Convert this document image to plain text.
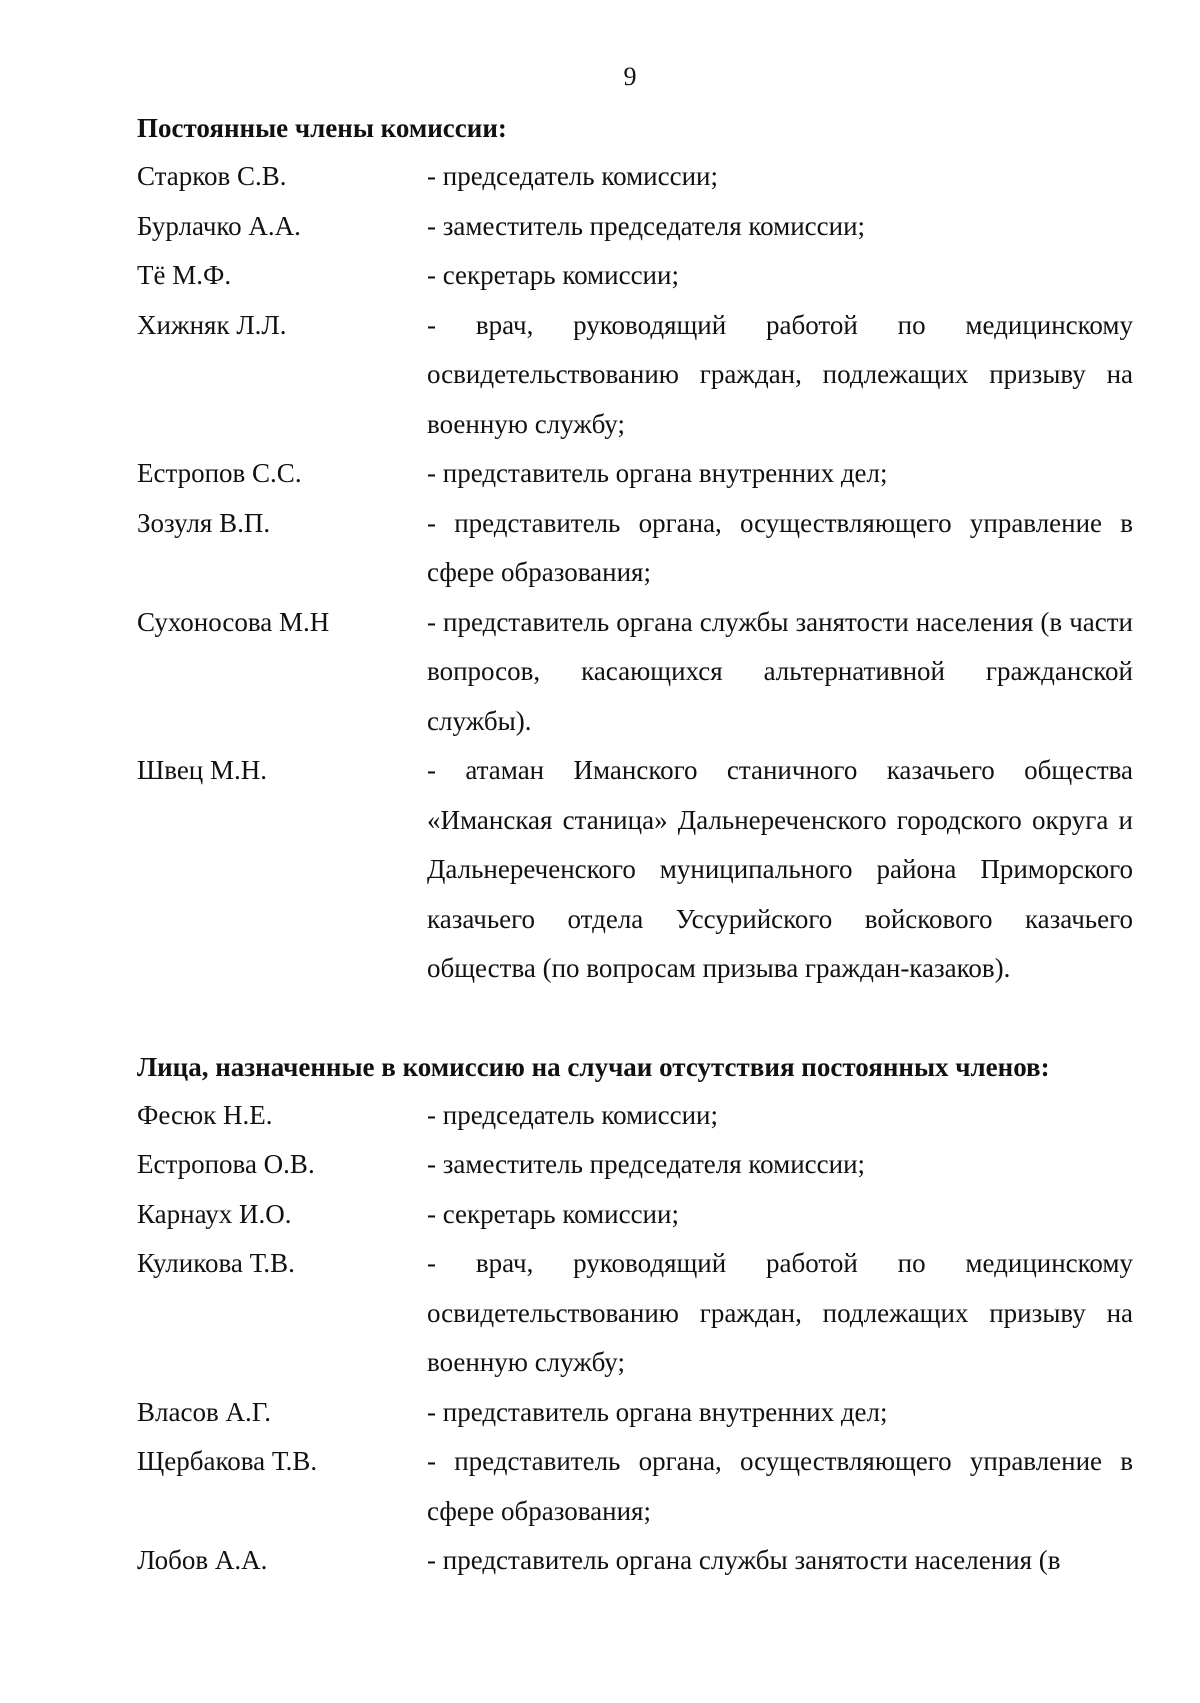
9
Постоянные члены комиссии:
Старков С.В.	- председатель комиссии;
Бурлачко А.А.	- заместитель председателя комиссии;
Тё М.Ф.	- секретарь комиссии;
Хижняк Л.Л.	- врач, руководящий работой по медицинскому освидетельствованию граждан, подлежащих призыву на военную службу;
Естропов С.С.	- представитель органа внутренних дел;
Зозуля В.П.	- представитель органа, осуществляющего управление в сфере образования;
Сухоносова М.Н	- представитель органа службы занятости населения (в части вопросов, касающихся альтернативной гражданской службы).
Швец М.Н.	- атаман Иманского станичного казачьего общества «Иманская станица» Дальнереченского городского округа и Дальнереченского муниципального района Приморского казачьего отдела Уссурийского войскового казачьего общества (по вопросам призыва граждан-казаков).
Лица, назначенные в комиссию на случаи отсутствия постоянных членов:
Фесюк Н.Е.	- председатель комиссии;
Естропова О.В.	- заместитель председателя комиссии;
Карнаух И.О.	- секретарь комиссии;
Куликова Т.В.	- врач, руководящий работой по медицинскому освидетельствованию граждан, подлежащих призыву на военную службу;
Власов А.Г.	- представитель органа внутренних дел;
Щербакова Т.В.	- представитель органа, осуществляющего управление в сфере образования;
Лобов А.А.	- представитель органа службы занятости населения (в
